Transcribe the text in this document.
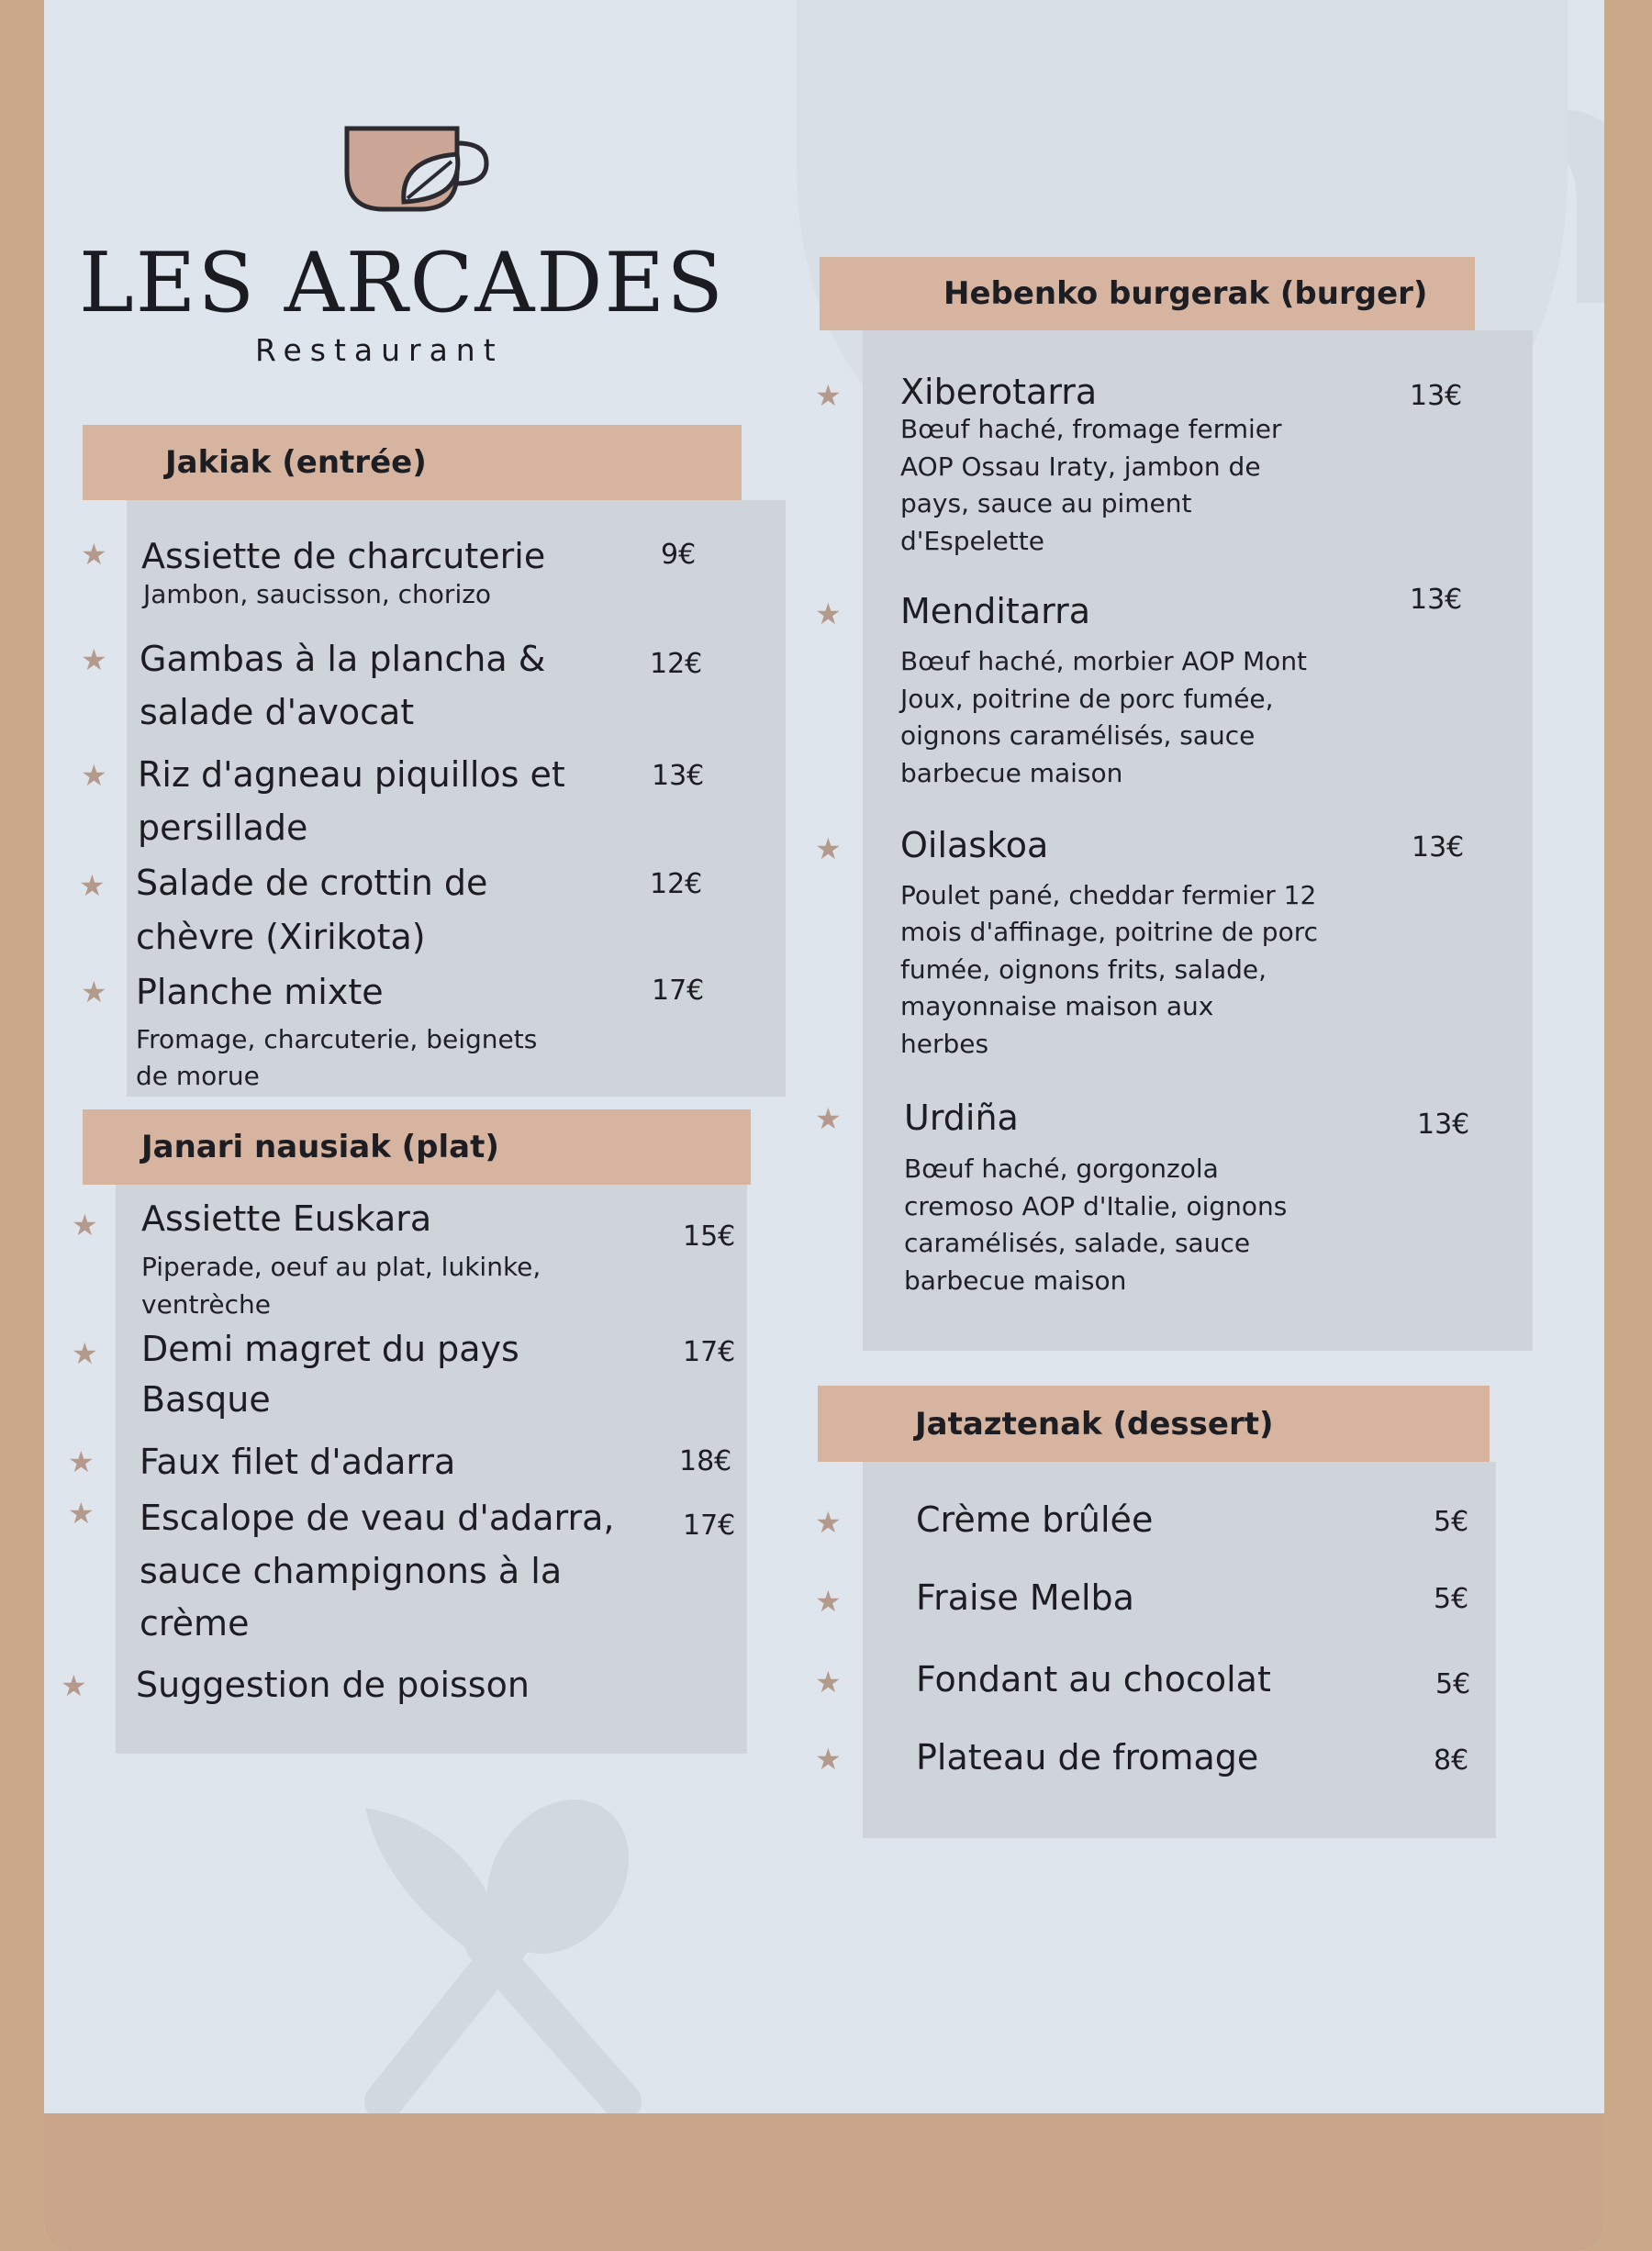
LES ARCADES
Restaurant
Jakiak (entrée)
★ Assiette de charcuterie
Jambon, saucisson, chorizo
9€
★ Gambas à la plancha &
salade d'avocat
12€
★ Riz d'agneau piquillos et
persillade
13€
★ Salade de crottin de
chèvre (Xirikota)
12€
★ Planche mixte
Fromage, charcuterie, beignets
de morue
17€
Janari nausiak (plat)
★ Assiette Euskara
Piperade, oeuf au plat, lukinke,
ventrèche
15€
★ Demi magret du pays
Basque
17€
★ Faux filet d'adarra	18€
★ Escalope de veau d'adarra,
sauce champignons à la
crème
17€
★ Suggestion de poisson
Hebenko burgerak (burger)
★ Xiberotarra
Bœuf haché, fromage fermier
AOP Ossau Iraty, jambon de
pays, sauce au piment
d'Espelette
13€
★ Menditarra
Bœuf haché, morbier AOP Mont
Joux, poitrine de porc fumée,
oignons caramélisés, sauce
barbecue maison
13€
★ Oilaskoa
Poulet pané, cheddar fermier 12
mois d'affinage, poitrine de porc
fumée, oignons frits, salade,
mayonnaise maison aux
herbes
13€
★ Urdiña
Bœuf haché, gorgonzola
cremoso AOP d'Italie, oignons
caramélisés, salade, sauce
barbecue maison
13€
Jataztenak (dessert)
★ Crème brûlée	5€
★ Fraise Melba	5€
★ Fondant au chocolat	5€
★ Plateau de fromage	8€
